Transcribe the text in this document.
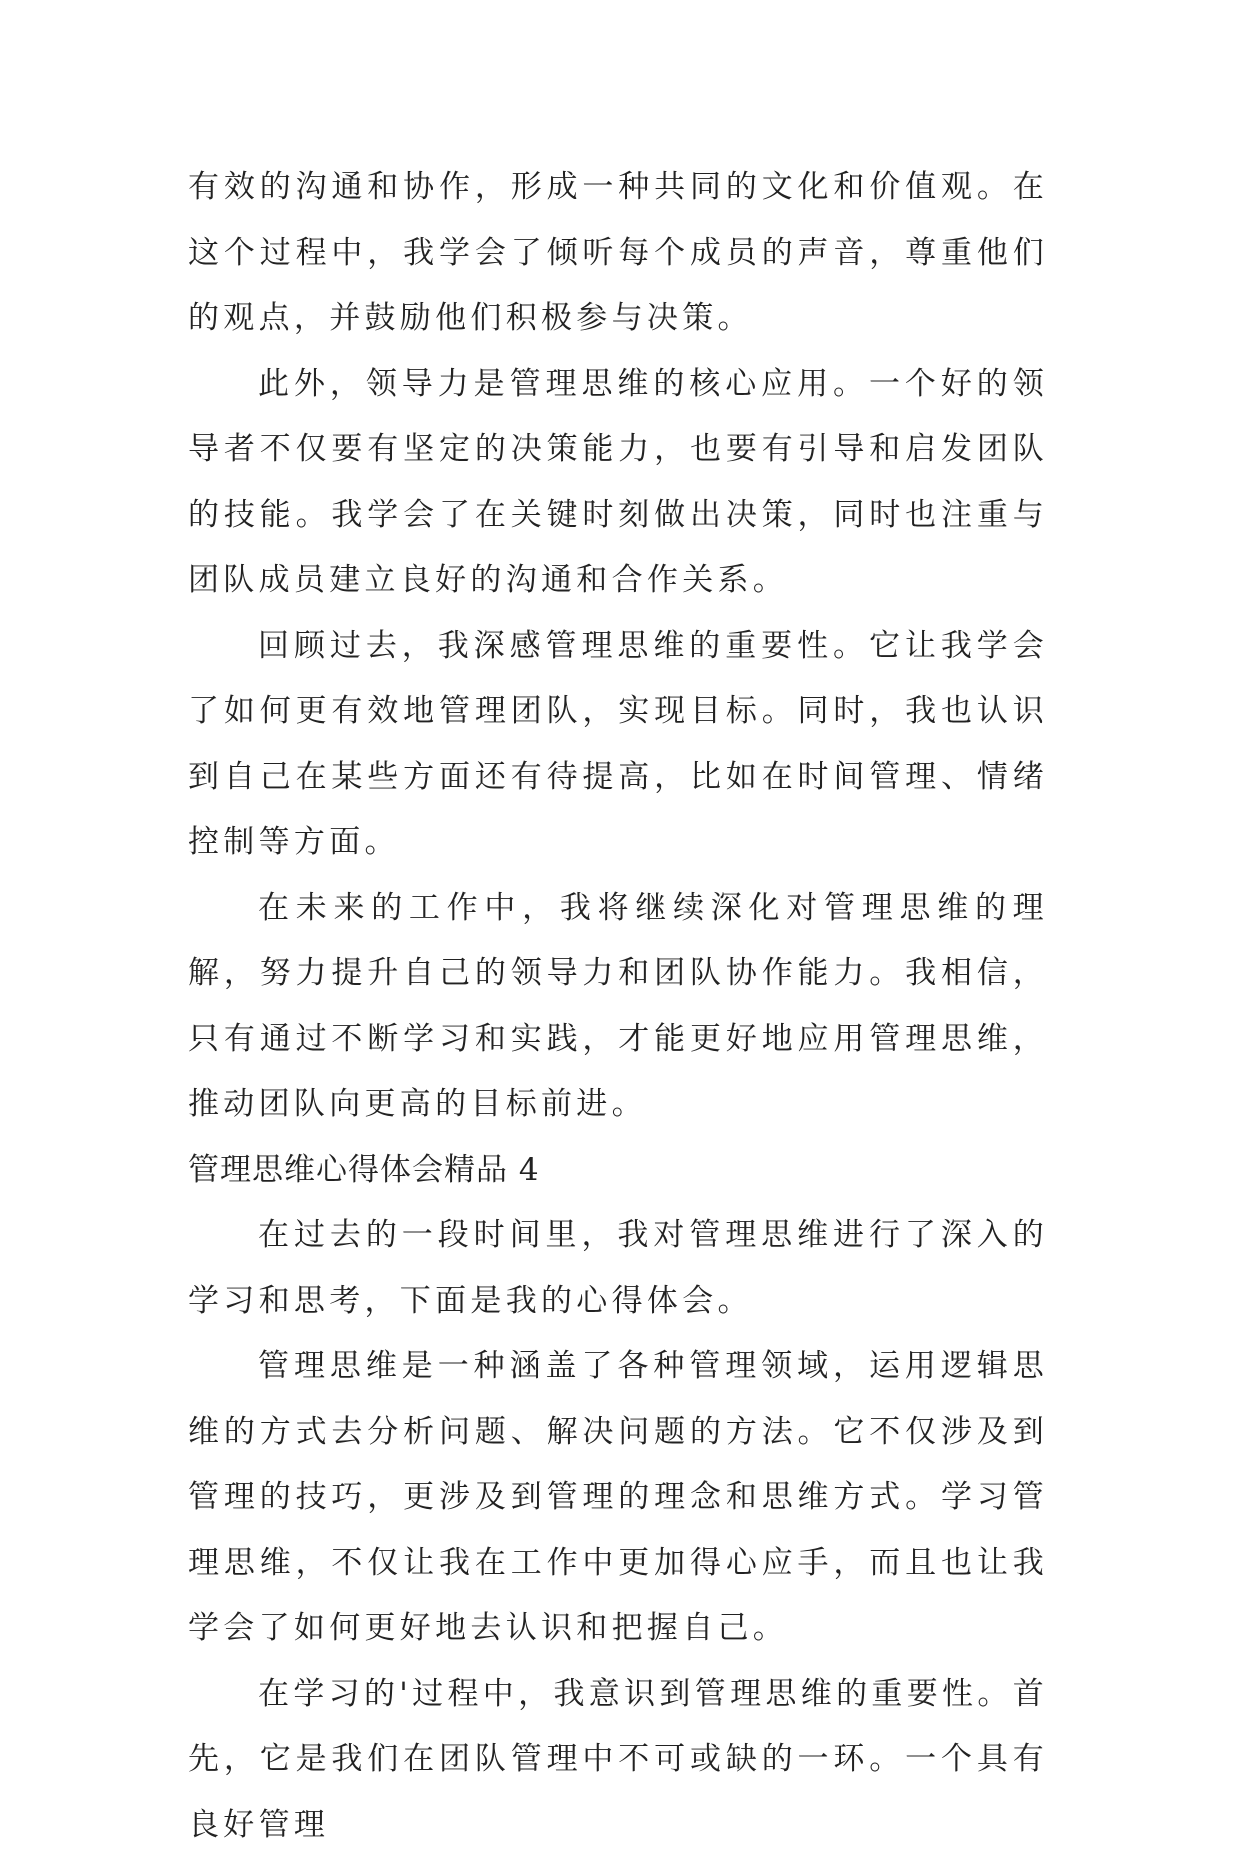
有效的沟通和协作，形成一种共同的文化和价值观。在这个过程中，我学会了倾听每个成员的声音，尊重他们的观点，并鼓励他们积极参与决策。

此外，领导力是管理思维的核心应用。一个好的领导者不仅要有坚定的决策能力，也要有引导和启发团队的技能。我学会了在关键时刻做出决策，同时也注重与团队成员建立良好的沟通和合作关系。

回顾过去，我深感管理思维的重要性。它让我学会了如何更有效地管理团队，实现目标。同时，我也认识到自己在某些方面还有待提高，比如在时间管理、情绪控制等方面。

在未来的工作中，我将继续深化对管理思维的理解，努力提升自己的领导力和团队协作能力。我相信，只有通过不断学习和实践，才能更好地应用管理思维，推动团队向更高的目标前进。

管理思维心得体会精品 4

在过去的一段时间里，我对管理思维进行了深入的学习和思考，下面是我的心得体会。

管理思维是一种涵盖了各种管理领域，运用逻辑思维的方式去分析问题、解决问题的方法。它不仅涉及到管理的技巧，更涉及到管理的理念和思维方式。学习管理思维，不仅让我在工作中更加得心应手，而且也让我学会了如何更好地去认识和把握自己。

在学习的'过程中，我意识到管理思维的重要性。首先，它是我们在团队管理中不可或缺的一环。一个具有良好管理
